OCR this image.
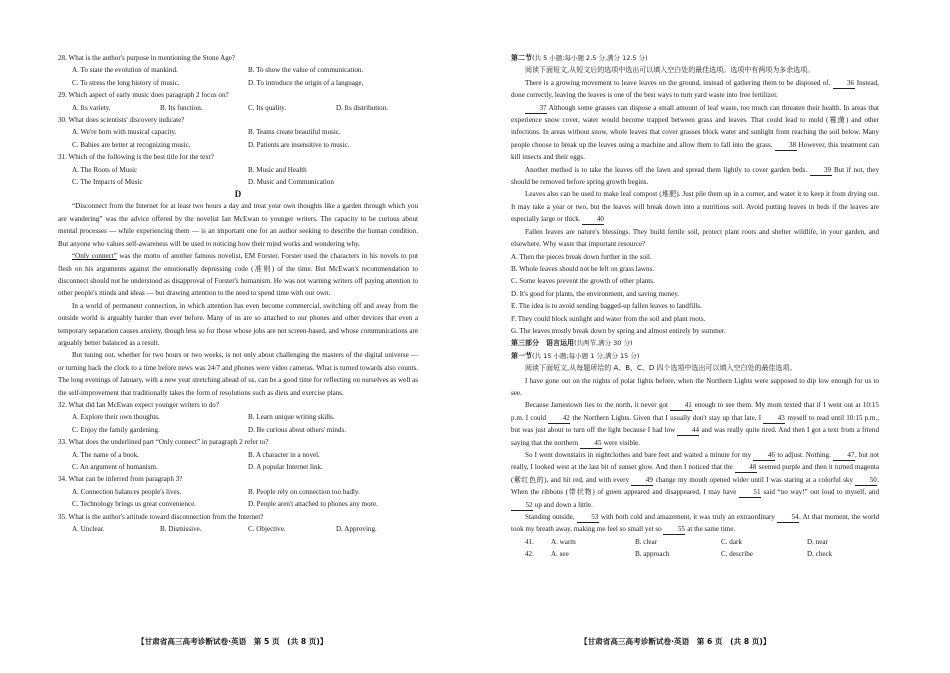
28. What is the author's purpose in mentioning the Stone Age?

A. To state the evolution of mankind.	B. To show the value of communication.
C. To stress the long history of music.	D. To introduce the origin of a language.

29. Which aspect of early music does paragraph 2 focus on?

A. Its variety.	B. Its function.	C. Its quality.	D. Its distribution.

30. What does scientists' discovery indicate?

A. We're born with musical capacity.	B. Teams create beautiful music.
C. Babies are better at recognizing music.	D. Patients are insensitive to music.

31. Which of the following is the best title for the text?

A. The Roots of Music	B. Music and Health
C. The Impacts of Music	D. Music and Communication

D

“Disconnect from the Internet for at least two hours a day and treat your own thoughts like a garden through which you are wandering” was the advice offered by the novelist Ian McEwan to younger writers. The capacity to be curious about mental processes — while experiencing them — is an important one for an author seeking to describe the human condition. But anyone who values self-awareness will be used to noticing how their mind works and wondering why.

“Only connect” was the motto of another famous novelist, EM Forster. Forster used the characters in his novels to put flesh on his arguments against the emotionally depressing code (准则) of the time. But McEwan's recommendation to disconnect should not be understood as disapproval of Forster's humanism. He was not warning writers off paying attention to other people's minds and ideas — but drawing attention to the need to spend time with our own.

In a world of permanent connection, in which attention has even become commercial, switching off and away from the outside world is arguably harder than ever before. Many of us are so attached to our phones and other devices that even a temporary separation causes anxiety, though less so for those whose jobs are not screen-based, and whose communications are arguably better balanced as a result.

But tuning out, whether for two hours or two weeks, is not only about challenging the masters of the digital universe — or turning back the clock to a time before news was 24/7 and phones were video cameras. What is turned towards also counts. The long evenings of January, with a new year stretching ahead of us, can be a good time for reflecting on ourselves as well as the self-improvement that traditionally takes the form of resolutions such as diets and exercise plans.

32. What did Ian McEwan expect younger writers to do?

A. Explore their own thoughts.	B. Learn unique writing skills.
C. Enjoy the family gardening.	D. Be curious about others' minds.

33. What does the underlined part “Only connect” in paragraph 2 refer to?

A. The name of a book.	B. A character in a novel.
C. An argument of humanism.	D. A popular Internet link.

34. What can be inferred from paragraph 3?

A. Connection balances people's lives.	B. People rely on connection too badly.
C. Technology brings us great convenience.	D. People aren't attached to phones any more.

35. What is the author's attitude toward disconnection from the Internet?

A. Unclear.	B. Dismissive.	C. Objective.	D. Approving.
【甘肃省高三高考诊断试卷·英语　第 5 页　(共 8 页)】

第二节(共 5 小题;每小题 2.5 分,满分 12.5 分)

阅读下面短文,从短文后的选项中选出可以填入空白处的最佳选项。选项中有两项为多余选项。

There is a growing movement to leave leaves on the ground, instead of gathering them to be disposed of. 36 Instead, done correctly, leaving the leaves is one of the best ways to turn yard waste into free fertilizer.

37 Although some grasses can dispose a small amount of leaf waste, too much can threaten their health. In areas that experience snow cover, water would become trapped between grass and leaves. That could lead to mold (霉菌) and other infections. In areas without snow, whole leaves that cover grasses block water and sunlight from reaching the soil below. Many people choose to break up the leaves using a machine and allow them to fall into the grass. 38 However, this treatment can kill insects and their eggs.

Another method is to take the leaves off the lawn and spread them lightly to cover garden beds. 39 But if not, they should be removed before spring growth begins.

Leaves also can be used to make leaf compost (堆肥). Just pile them up in a corner, and water it to keep it from drying out. It may take a year or two, but the leaves will break down into a nutritious soil. Avoid putting leaves in beds if the leaves are especially large or thick. 40

Fallen leaves are nature's blessings. They build fertile soil, protect plant roots and shelter wildlife, in your garden, and elsewhere. Why waste that important resource?

A. Then the pieces break down further in the soil.

B. Whole leaves should not be left on grass lawns.

C. Some leaves prevent the growth of other plants.

D. It's good for plants, the environment, and saving money.

E. The idea is to avoid sending bagged-up fallen leaves to landfills.

F. They could block sunlight and water from the soil and plant roots.

G. The leaves mostly break down by spring and almost entirely by summer.

第三部分　语言运用(共两节,满分 30 分)

第一节(共 15 小题;每小题 1 分,满分 15 分)

阅读下面短文,从每题所给的 A、B、C、D 四个选项中选出可以填入空白处的最佳选项。

I have gone out on the nights of polar lights before, when the Northern Lights were supposed to dip low enough for us to see.

Because Jamestown lies to the north, it never got 41 enough to see them. My mom texted that if I went out at 10:15 p.m. I could 42 the Northern Lights. Given that I usually don't stay up that late, I 43 myself to read until 10:15 p.m., but was just about to turn off the light because I had low 44 and was really quite tired. And then I got a text from a friend saying that the northern 45 were visible.

So I went downstairs in nightclothes and bare feet and waited a minute for my 46 to adjust. Nothing. 47, but not really, I looked west at the last bit of sunset glow. And then I noticed that the 48 seemed purple and then it turned magenta (紫红色的), and hit red, and with every 49 change my mouth opened wider until I was staring at a colorful sky 50. When the ribbons (带状物) of green appeared and disappeared, I may have 51 said “no way!” out loud to myself, and 52 up and down a little.

Standing outside, 53 with both cold and amazement, it was truly an extraordinary 54. At that moment, the world took my breath away, making me feel so small yet so 55 at the same time.

41.	A. warm	B. clear	C. dark	D. near
42.	A. see	B. approach	C. describe	D. check
【甘肃省高三高考诊断试卷·英语　第 6 页　(共 8 页)】
